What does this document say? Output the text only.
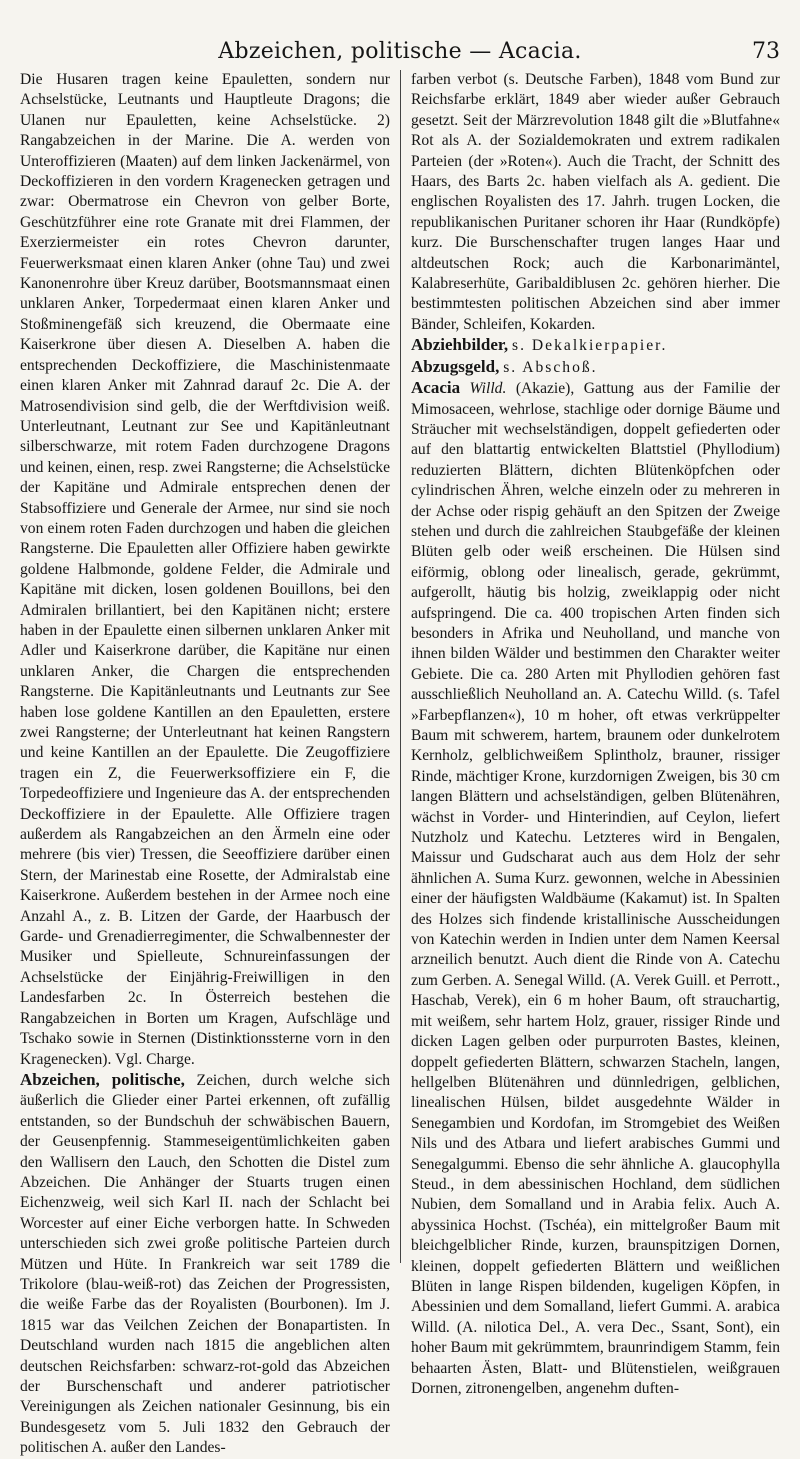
Abzeichen, politische — Acacia.	73

Die Husaren tragen keine Epauletten, sondern nur Achselstücke, Leutnants und Hauptleute Dragons; die Ulanen nur Epauletten, keine Achselstücke. 2) Rangabzeichen in der Marine. Die A. werden von Unteroffizieren (Maaten) auf dem linken Jackenärmel, von Deckoffizieren in den vordern Kragenecken getragen und zwar: Obermatrose ein Chevron von gelber Borte, Geschützführer eine rote Granate mit drei Flammen, der Exerziermeister ein rotes Chevron darunter, Feuerwerksmaat einen klaren Anker (ohne Tau) und zwei Kanonenrohre über Kreuz darüber, Bootsmannsmaat einen unklaren Anker, Torpedermaat einen klaren Anker und Stoßminengefäß sich kreuzend, die Obermaate eine Kaiserkrone über diesen A. Dieselben A. haben die entsprechenden Deckoffiziere, die Maschinistenmaate einen klaren Anker mit Zahnrad darauf 2c. Die A. der Matrosendivision sind gelb, die der Werftdivision weiß. Unterleutnant, Leutnant zur See und Kapitänleutnant silberschwarze, mit rotem Faden durchzogene Dragons und keinen, einen, resp. zwei Rangsterne; die Achselstücke der Kapitäne und Admirale entsprechen denen der Stabsoffiziere und Generale der Armee, nur sind sie noch von einem roten Faden durchzogen und haben die gleichen Rangsterne. Die Epauletten aller Offiziere haben gewirkte goldene Halbmonde, goldene Felder, die Admirale und Kapitäne mit dicken, losen goldenen Bouillons, bei den Admiralen brillantiert, bei den Kapitänen nicht; erstere haben in der Epaulette einen silbernen unklaren Anker mit Adler und Kaiserkrone darüber, die Kapitäne nur einen unklaren Anker, die Chargen die entsprechenden Rangsterne. Die Kapitänleutnants und Leutnants zur See haben lose goldene Kantillen an den Epauletten, erstere zwei Rangsterne; der Unterleutnant hat keinen Rangstern und keine Kantillen an der Epaulette. Die Zeugoffiziere tragen ein Z, die Feuerwerksoffiziere ein F, die Torpedeoffiziere und Ingenieure das A. der entsprechenden Deckoffiziere in der Epaulette. Alle Offiziere tragen außerdem als Rangabzeichen an den Ärmeln eine oder mehrere (bis vier) Tressen, die Seeoffiziere darüber einen Stern, der Marinestab eine Rosette, der Admiralstab eine Kaiserkrone. Außerdem bestehen in der Armee noch eine Anzahl A., z. B. Litzen der Garde, der Haarbusch der Garde- und Grenadierregimenter, die Schwalbennester der Musiker und Spielleute, Schnureinfassungen der Achselstücke der Einjährig-Freiwilligen in den Landesfarben 2c. In Österreich bestehen die Rangabzeichen in Borten um Kragen, Aufschläge und Tschako sowie in Sternen (Distinktionssterne vorn in den Kragenecken). Vgl. Charge.

Abzeichen, politische, Zeichen, durch welche sich äußerlich die Glieder einer Partei erkennen, oft zufällig entstanden, so der Bundschuh der schwäbischen Bauern, der Geusenpfennig. Stammeseigentümlichkeiten gaben den Wallisern den Lauch, den Schotten die Distel zum Abzeichen. Die Anhänger der Stuarts trugen einen Eichenzweig, weil sich Karl II. nach der Schlacht bei Worcester auf einer Eiche verborgen hatte. In Schweden unterschieden sich zwei große politische Parteien durch Mützen und Hüte. In Frankreich war seit 1789 die Trikolore (blau-weiß-rot) das Zeichen der Progressisten, die weiße Farbe das der Royalisten (Bourbonen). Im J. 1815 war das Veilchen Zeichen der Bonapartisten. In Deutschland wurden nach 1815 die angeblichen alten deutschen Reichsfarben: schwarz-rot-gold das Abzeichen der Burschenschaft und anderer patriotischer Vereinigungen als Zeichen nationaler Gesinnung, bis ein Bundesgesetz vom 5. Juli 1832 den Gebrauch der politischen A. außer den Landes-

farben verbot (s. Deutsche Farben), 1848 vom Bund zur Reichsfarbe erklärt, 1849 aber wieder außer Gebrauch gesetzt. Seit der Märzrevolution 1848 gilt die »Blutfahne« Rot als A. der Sozialdemokraten und extrem radikalen Parteien (der »Roten«). Auch die Tracht, der Schnitt des Haars, des Barts 2c. haben vielfach als A. gedient. Die englischen Royalisten des 17. Jahrh. trugen Locken, die republikanischen Puritaner schoren ihr Haar (Rundköpfe) kurz. Die Burschenschafter trugen langes Haar und altdeutschen Rock; auch die Karbonarimäntel, Kalabreserhüte, Garibaldiblusen 2c. gehören hierher. Die bestimmtesten politischen Abzeichen sind aber immer Bänder, Schleifen, Kokarden.

Abziehbilder, s. Dekalkierpapier.

Abzugsgeld, s. Abschoß.

Acacia Willd. (Akazie), Gattung aus der Familie der Mimosaceen, wehrlose, stachlige oder dornige Bäume und Sträucher mit wechselständigen, doppelt gefiederten oder auf den blattartig entwickelten Blattstiel (Phyllodium) reduzierten Blättern, dichten Blütenköpfchen oder cylindrischen Ähren, welche einzeln oder zu mehreren in der Achse oder rispig gehäuft an den Spitzen der Zweige stehen und durch die zahlreichen Staubgefäße der kleinen Blüten gelb oder weiß erscheinen. Die Hülsen sind eiförmig, oblong oder linealisch, gerade, gekrümmt, aufgerollt, häutig bis holzig, zweiklappig oder nicht aufspringend. Die ca. 400 tropischen Arten finden sich besonders in Afrika und Neuholland, und manche von ihnen bilden Wälder und bestimmen den Charakter weiter Gebiete. Die ca. 280 Arten mit Phyllodien gehören fast ausschließlich Neuholland an. A. Catechu Willd. (s. Tafel »Farbepflanzen«), 10 m hoher, oft etwas verkrüppelter Baum mit schwerem, hartem, braunem oder dunkelrotem Kernholz, gelblichweißem Splintholz, brauner, rissiger Rinde, mächtiger Krone, kurzdornigen Zweigen, bis 30 cm langen Blättern und achselständigen, gelben Blütenähren, wächst in Vorder- und Hinterindien, auf Ceylon, liefert Nutzholz und Katechu. Letzteres wird in Bengalen, Maissur und Gudscharat auch aus dem Holz der sehr ähnlichen A. Suma Kurz. gewonnen, welche in Abessinien einer der häufigsten Waldbäume (Kakamut) ist. In Spalten des Holzes sich findende kristallinische Ausscheidungen von Katechin werden in Indien unter dem Namen Keersal arzneilich benutzt. Auch dient die Rinde von A. Catechu zum Gerben. A. Senegal Willd. (A. Verek Guill. et Perrott., Haschab, Verek), ein 6 m hoher Baum, oft strauchartig, mit weißem, sehr hartem Holz, grauer, rissiger Rinde und dicken Lagen gelben oder purpurroten Bastes, kleinen, doppelt gefiederten Blättern, schwarzen Stacheln, langen, hellgelben Blütenähren und dünnledrigen, gelblichen, linealischen Hülsen, bildet ausgedehnte Wälder in Senegambien und Kordofan, im Stromgebiet des Weißen Nils und des Atbara und liefert arabisches Gummi und Senegalgummi. Ebenso die sehr ähnliche A. glaucophylla Steud., in dem abessinischen Hochland, dem südlichen Nubien, dem Somalland und in Arabia felix. Auch A. abyssinica Hochst. (Tschéa), ein mittelgroßer Baum mit bleichgelblicher Rinde, kurzen, braunspitzigen Dornen, kleinen, doppelt gefiederten Blättern und weißlichen Blüten in lange Rispen bildenden, kugeligen Köpfen, in Abessinien und dem Somalland, liefert Gummi. A. arabica Willd. (A. nilotica Del., A. vera Dec., Ssant, Sont), ein hoher Baum mit gekrümmtem, braunrindigem Stamm, fein behaarten Ästen, Blatt- und Blütenstielen, weißgrauen Dornen, zitronengelben, angenehm duften-
